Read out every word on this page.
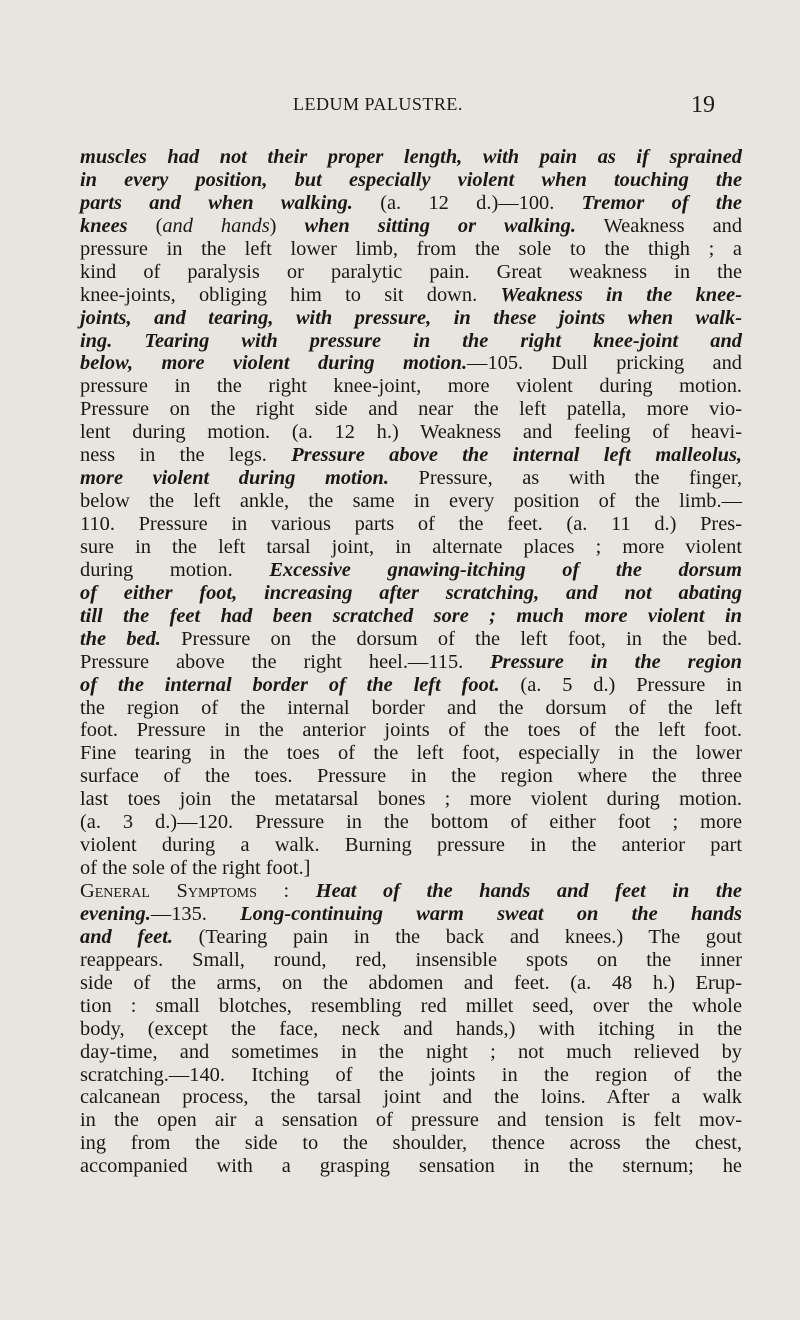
LEDUM PALUSTRE.	19
muscles had not their proper length, with pain as if sprained
in every position, but especially violent when touching the
parts and when walking. (a. 12 d.)—100. Tremor of the
knees (and hands) when sitting or walking. Weakness and
pressure in the left lower limb, from the sole to the thigh ; a
kind of paralysis or paralytic pain. Great weakness in the
knee-joints, obliging him to sit down. Weakness in the knee-
joints, and tearing, with pressure, in these joints when walk-
ing. Tearing with pressure in the right knee-joint and
below, more violent during motion.—105. Dull pricking and
pressure in the right knee-joint, more violent during motion.
Pressure on the right side and near the left patella, more vio-
lent during motion. (a. 12 h.) Weakness and feeling of heavi-
ness in the legs. Pressure above the internal left malleolus,
more violent during motion. Pressure, as with the finger,
below the left ankle, the same in every position of the limb.—
110. Pressure in various parts of the feet. (a. 11 d.) Pres-
sure in the left tarsal joint, in alternate places ; more violent
during motion. Excessive gnawing-itching of the dorsum
of either foot, increasing after scratching, and not abating
till the feet had been scratched sore ; much more violent in
the bed. Pressure on the dorsum of the left foot, in the bed.
Pressure above the right heel.—115. Pressure in the region
of the internal border of the left foot. (a. 5 d.) Pressure in
the region of the internal border and the dorsum of the left
foot. Pressure in the anterior joints of the toes of the left foot.
Fine tearing in the toes of the left foot, especially in the lower
surface of the toes. Pressure in the region where the three
last toes join the metatarsal bones ; more violent during motion.
(a. 3 d.)—120. Pressure in the bottom of either foot ; more
violent during a walk. Burning pressure in the anterior part
of the sole of the right foot.]
General Symptoms : Heat of the hands and feet in the
evening.—135. Long-continuing warm sweat on the hands
and feet. (Tearing pain in the back and knees.) The gout
reappears. Small, round, red, insensible spots on the inner
side of the arms, on the abdomen and feet. (a. 48 h.) Erup-
tion : small blotches, resembling red millet seed, over the whole
body, (except the face, neck and hands,) with itching in the
day-time, and sometimes in the night ; not much relieved by
scratching.—140. Itching of the joints in the region of the
calcanean process, the tarsal joint and the loins. After a walk
in the open air a sensation of pressure and tension is felt mov-
ing from the side to the shoulder, thence across the chest,
accompanied with a grasping sensation in the sternum; he
